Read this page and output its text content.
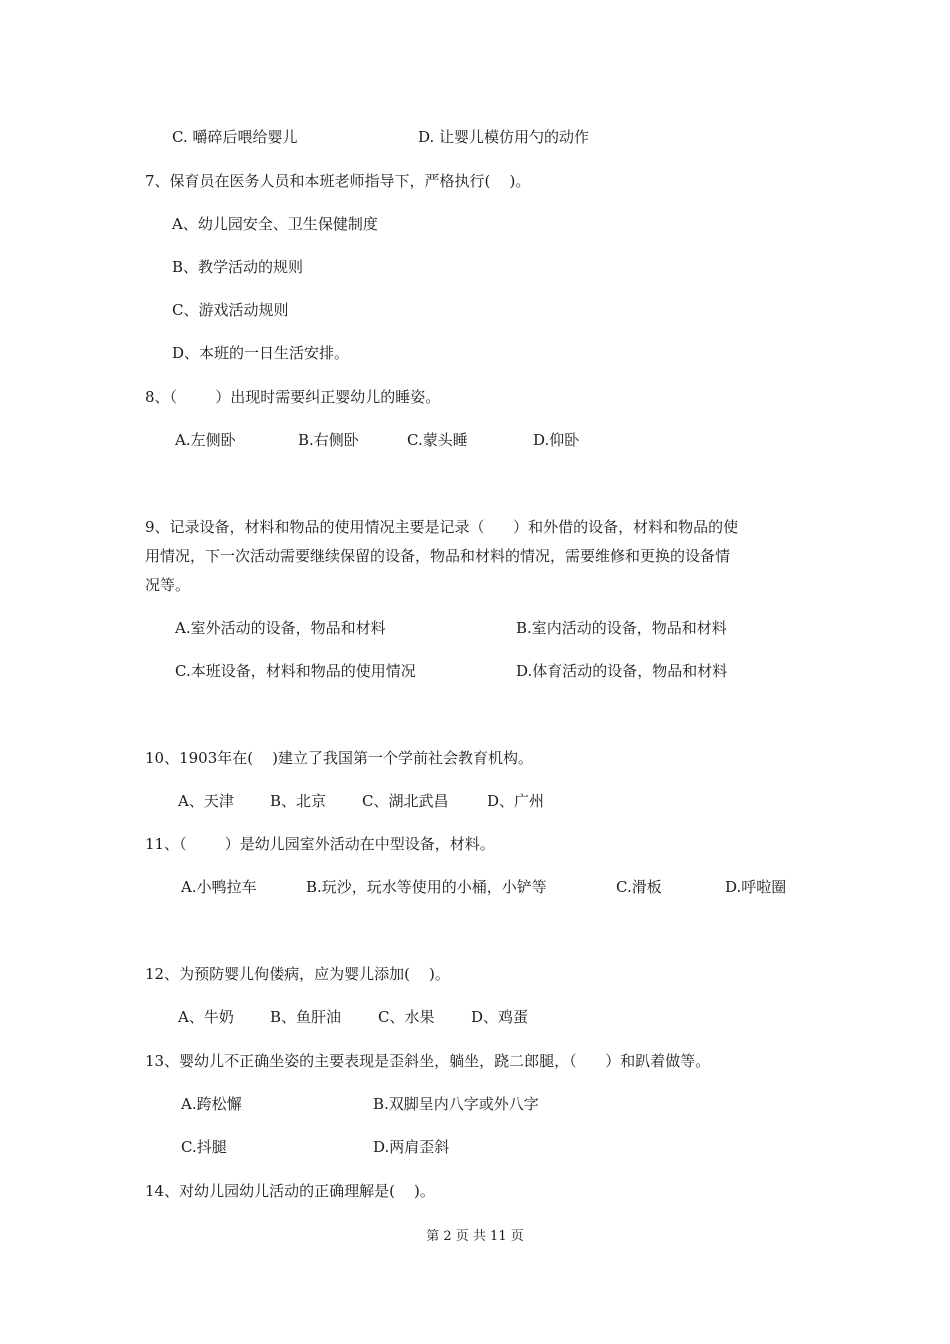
C. 嚼碎后喂给婴儿	D. 让婴儿模仿用勺的动作
7、保育员在医务人员和本班老师指导下，严格执行(    )。
A、幼儿园安全、卫生保健制度
B、教学活动的规则
C、游戏活动规则
D、本班的一日生活安排。
8、（        ）出现时需要纠正婴幼儿的睡姿。
A.左侧卧	B.右侧卧	C.蒙头睡	D.仰卧
9、记录设备，材料和物品的使用情况主要是记录（      ）和外借的设备，材料和物品的使
用情况，下一次活动需要继续保留的设备，物品和材料的情况，需要维修和更换的设备情
况等。
A.室外活动的设备，物品和材料	B.室内活动的设备，物品和材料
C.本班设备，材料和物品的使用情况	D.体育活动的设备，物品和材料
10、1903年在(    )建立了我国第一个学前社会教育机构。
A、天津 B、北京 C、湖北武昌	D、广州
11、（        ）是幼儿园室外活动在中型设备，材料。
A.小鸭拉车	B.玩沙，玩水等使用的小桶，小铲等	C.滑板	D.呼啦圈
12、为预防婴儿佝偻病，应为婴儿添加(    )。
A、牛奶 B、鱼肝油 C、水果 D、鸡蛋
13、婴幼儿不正确坐姿的主要表现是歪斜坐，躺坐，跷二郎腿，（      ）和趴着做等。
A.跨松懈	B.双脚呈内八字或外八字
C.抖腿	D.两肩歪斜
14、对幼儿园幼儿活动的正确理解是(    )。
第 2 页 共 11 页
